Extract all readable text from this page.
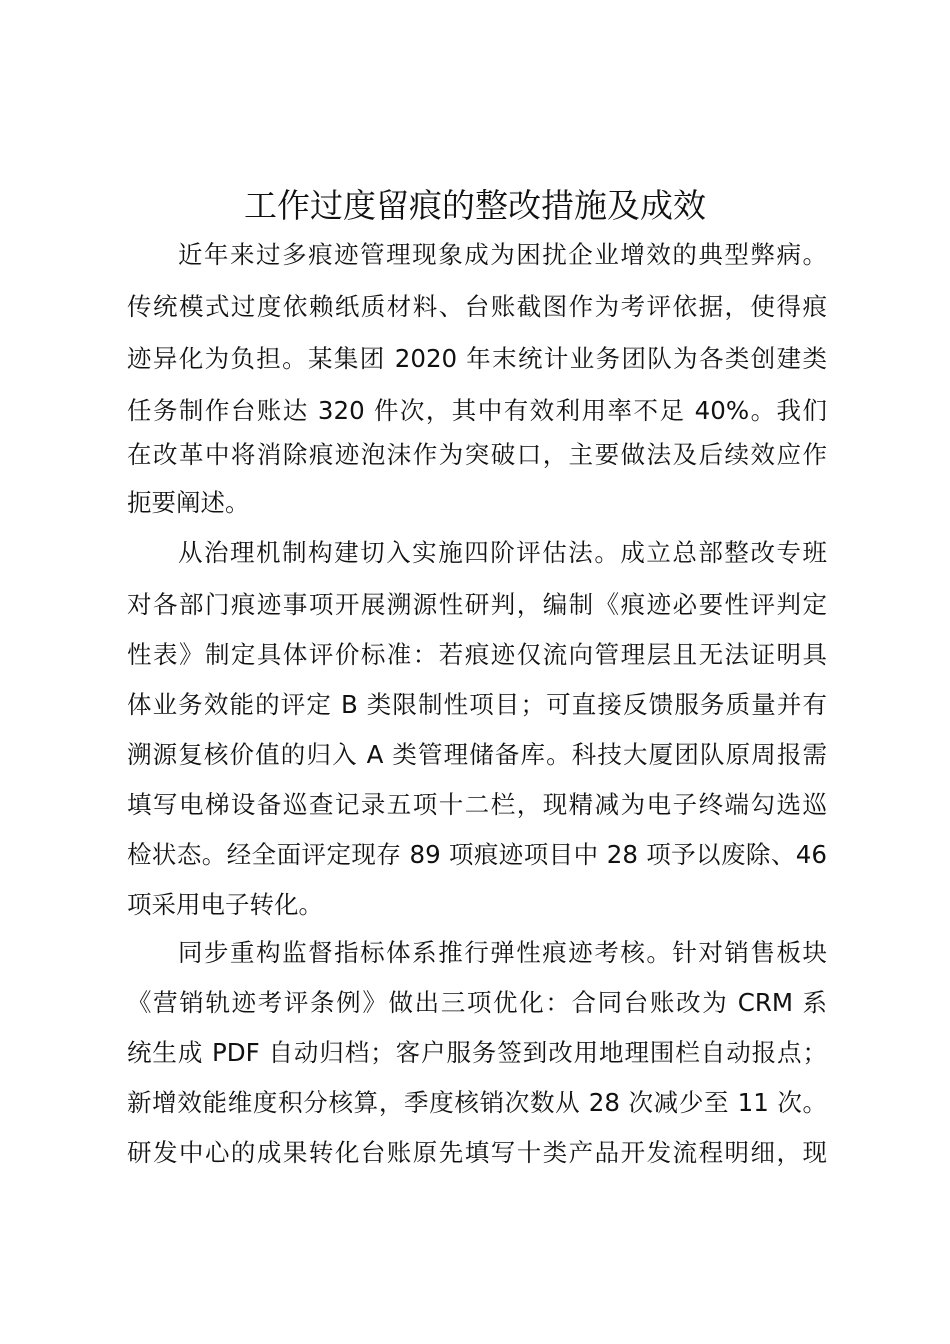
工作过度留痕的整改措施及成效
近年来过多痕迹管理现象成为困扰企业增效的典型弊病。
传统模式过度依赖纸质材料、台账截图作为考评依据，使得痕
迹异化为负担。某集团 2020 年末统计业务团队为各类创建类
任务制作台账达 320 件次，其中有效利用率不足 40%。我们
在改革中将消除痕迹泡沫作为突破口，主要做法及后续效应作
扼要阐述。
从治理机制构建切入实施四阶评估法。成立总部整改专班
对各部门痕迹事项开展溯源性研判，编制《痕迹必要性评判定
性表》制定具体评价标准：若痕迹仅流向管理层且无法证明具
体业务效能的评定 B 类限制性项目；可直接反馈服务质量并有
溯源复核价值的归入 A 类管理储备库。科技大厦团队原周报需
填写电梯设备巡查记录五项十二栏，现精减为电子终端勾选巡
检状态。经全面评定现存 89 项痕迹项目中 28 项予以废除、46
项采用电子转化。
同步重构监督指标体系推行弹性痕迹考核。针对销售板块
《营销轨迹考评条例》做出三项优化：合同台账改为 CRM 系
统生成 PDF 自动归档；客户服务签到改用地理围栏自动报点；
新增效能维度积分核算，季度核销次数从 28 次减少至 11 次。
研发中心的成果转化台账原先填写十类产品开发流程明细，现
